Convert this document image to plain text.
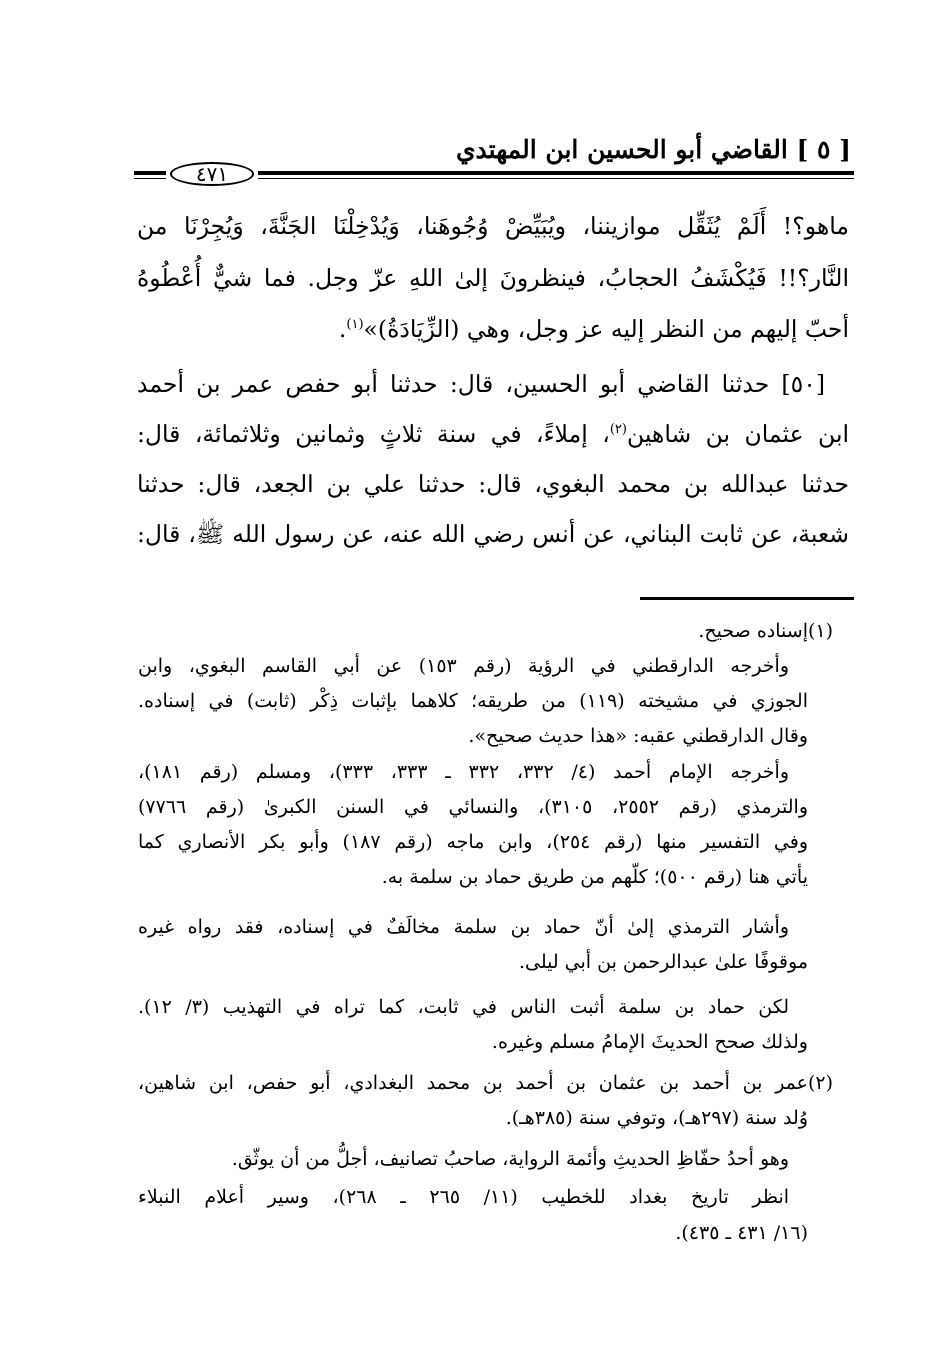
[ ٥ ] القاضي أبو الحسين ابن المهتدي
٤٧١
ماهو؟! أَلَمْ يُثَقِّل موازيننا، ويُبَيِّضْ وُجُوهَنا، وَيُدْخِلْنَا الجَنَّةَ، وَيُجِرْنَا من
النَّار؟!! فَيُكْشَفُ الحجابُ، فينظرونَ إلىٰ اللهِ عزّ وجل. فما شيٌّ أُعْطُوهُ
أحبّ إليهم من النظر إليه عز وجل، وهي (الزِّيَادَةُ)»$^{(١)}$.
[٥٠] حدثنا القاضي أبو الحسين، قال: حدثنا أبو حفص عمر بن أحمد
ابن عثمان بن شاهين$^{(٢)}$، إملاءً، في سنة ثلاثٍ وثمانين وثلاثمائة، قال:
حدثنا عبدالله بن محمد البغوي، قال: حدثنا علي بن الجعد، قال: حدثنا
شعبة، عن ثابت البناني، عن أنس رضي الله عنه، عن رسول الله ﷺ، قال:
(١)
إسناده صحيح.
وأخرجه الدارقطني في الرؤية (رقم ١٥٣) عن أبي القاسم البغوي، وابن
الجوزي في مشيخته (١١٩) من طريقه؛ كلاهما بإثبات ذِكْر (ثابت) في إسناده.
وقال الدارقطني عقبه: «هذا حديث صحيح».
وأخرجه الإمام أحمد (٤/ ٣٣٢، ٣٣٢ ـ ٣٣٣، ٣٣٣)، ومسلم (رقم ١٨١)،
والترمذي (رقم ٢٥٥٢، ٣١٠٥)، والنسائي في السنن الكبرىٰ (رقم ٧٧٦٦)
وفي التفسير منها (رقم ٢٥٤)، وابن ماجه (رقم ١٨٧) وأبو بكر الأنصاري كما
يأتي هنا (رقم ٥٠٠)؛ كلّهم من طريق حماد بن سلمة به.
وأشار الترمذي إلىٰ أنّ حماد بن سلمة مخالَفٌ في إسناده، فقد رواه غيره
موقوفًا علىٰ عبدالرحمن بن أبي ليلى.
لكن حماد بن سلمة أثبت الناس في ثابت، كما تراه في التهذيب (٣/ ١٢).
ولذلك صحح الحديثَ الإمامُ مسلم وغيره.
(٢)
عمر بن أحمد بن عثمان بن أحمد بن محمد البغدادي، أبو حفص، ابن شاهين،
وُلد سنة (٢٩٧هـ)، وتوفي سنة (٣٨٥هـ).
وهو أحدُ حفّاظِ الحديثِ وأئمة الرواية، صاحبُ تصانيف، أجلُّ من أن يوثّق.
انظر تاريخ بغداد للخطيب (١١/ ٢٦٥ ـ ٢٦٨)، وسير أعلام النبلاء
(١٦/ ٤٣١ ـ ٤٣٥).
